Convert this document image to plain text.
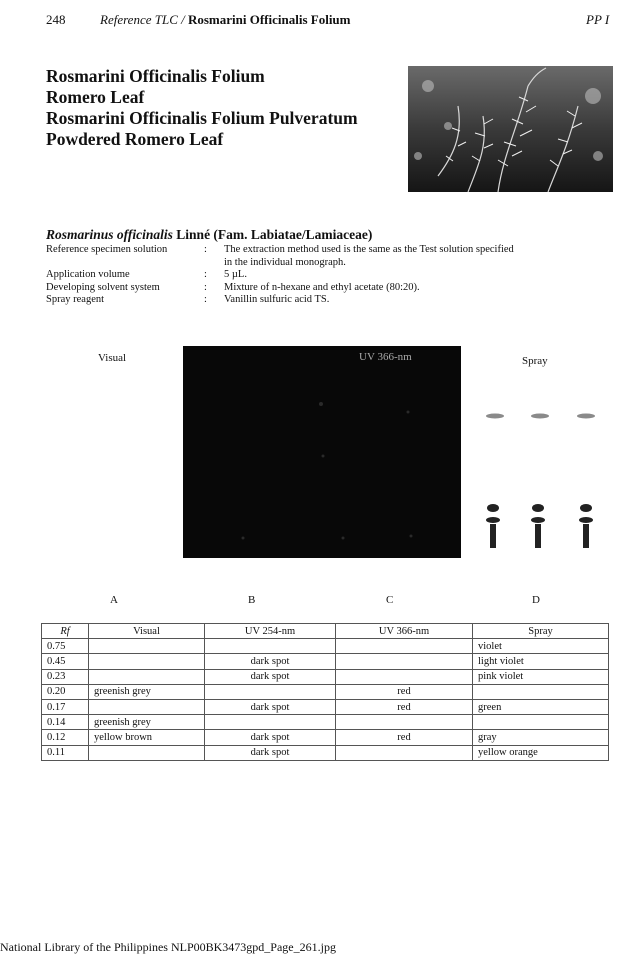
248	Reference TLC / Rosmarini Officinalis Folium	PP I
Rosmarini Officinalis Folium
Romero Leaf
Rosmarini Officinalis Folium Pulveratum
Powdered Romero Leaf
Rosmarinus officinalis Linné (Fam. Labiatae/Lamiaceae)
Reference specimen solution	: The extraction method used is the same as the Test solution specified
in the individual monograph.
Application volume	: 5 µL.
Developing solvent system	: Mixture of n-hexane and ethyl acetate (80:20).
Spray reagent	: Vanillin sulfuric acid TS.
Visual	Spray
UV 366-nm
A	B	C	D
Rf	Visual	UV 254-nm	UV 366-nm	Spray
0.75				violet
0.45		dark spot		light violet
0.23		dark spot		pink violet
0.20	greenish grey		red	
0.17		dark spot	red	green
0.14	greenish grey			
0.12	yellow brown	dark spot	red	gray
0.11		dark spot		yellow orange
National Library of the Philippines NLP00BK3473gpd_Page_261.jpg
